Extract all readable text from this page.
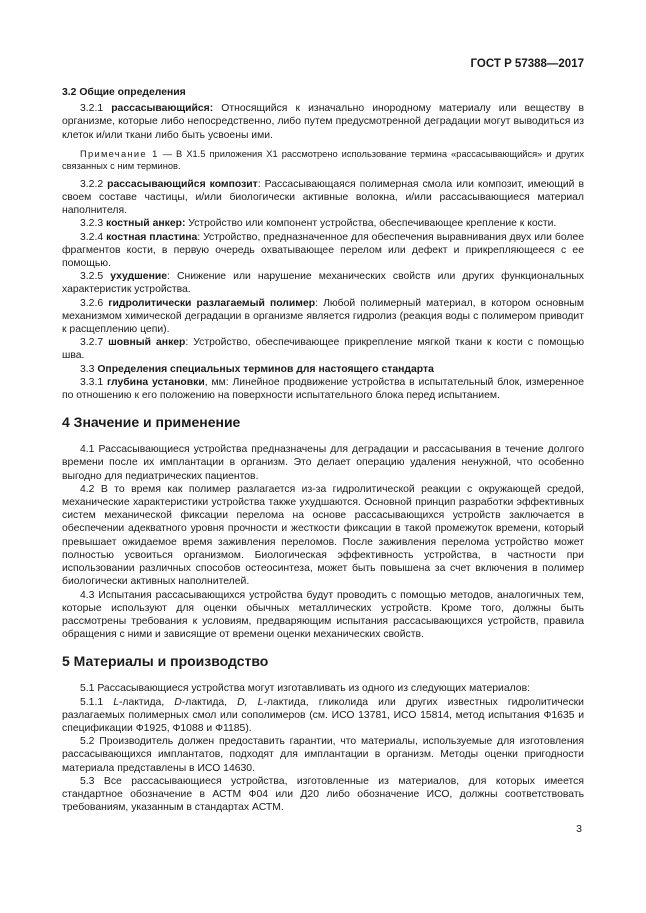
ГОСТ Р 57388—2017

3.2 Общие определения

3.2.1 рассасывающийся: Относящийся к изначально инородному материалу или веществу в организме, которые либо непосредственно, либо путем предусмотренной деградации могут выводиться из клеток и/или ткани либо быть усвоены ими.

Примечание 1 — В X1.5 приложения X1 рассмотрено использование термина «рассасывающийся» и других связанных с ним терминов.

3.2.2 рассасывающийся композит: Рассасывающаяся полимерная смола или композит, имеющий в своем составе частицы, и/или биологически активные волокна, и/или рассасывающиеся материал наполнителя.

3.2.3 костный анкер: Устройство или компонент устройства, обеспечивающее крепление к кости.

3.2.4 костная пластина: Устройство, предназначенное для обеспечения выравнивания двух или более фрагментов кости, в первую очередь охватывающее перелом или дефект и прикрепляющееся с ее помощью.

3.2.5 ухудшение: Снижение или нарушение механических свойств или других функциональных характеристик устройства.

3.2.6 гидролитически разлагаемый полимер: Любой полимерный материал, в котором основным механизмом химической деградации в организме является гидролиз (реакция воды с полимером приводит к расщеплению цепи).

3.2.7 шовный анкер: Устройство, обеспечивающее прикрепление мягкой ткани к кости с помощью шва.

3.3 Определения специальных терминов для настоящего стандарта

3.3.1 глубина установки, мм: Линейное продвижение устройства в испытательный блок, измеренное по отношению к его положению на поверхности испытательного блока перед испытанием.

4 Значение и применение

4.1 Рассасывающиеся устройства предназначены для деградации и рассасывания в течение долгого времени после их имплантации в организм. Это делает операцию удаления ненужной, что особенно выгодно для педиатрических пациентов.

4.2 В то время как полимер разлагается из-за гидролитической реакции с окружающей средой, механические характеристики устройства также ухудшаются. Основной принцип разработки эффективных систем механической фиксации перелома на основе рассасывающихся устройств заключается в обеспечении адекватного уровня прочности и жесткости фиксации в такой промежуток времени, который превышает ожидаемое время заживления переломов. После заживления перелома устройство может полностью усвоиться организмом. Биологическая эффективность устройства, в частности при использовании различных способов остеосинтеза, может быть повышена за счет включения в полимер биологически активных наполнителей.

4.3 Испытания рассасывающихся устройства будут проводить с помощью методов, аналогичных тем, которые используют для оценки обычных металлических устройств. Кроме того, должны быть рассмотрены требования к условиям, предваряющим испытания рассасывающихся устройств, правила обращения с ними и зависящие от времени оценки механических свойств.

5 Материалы и производство

5.1 Рассасывающиеся устройства могут изготавливать из одного из следующих материалов:

5.1.1 L-лактида, D-лактида, D, L-лактида, гликолида или других известных гидролитически разлагаемых полимерных смол или сополимеров (см. ИСО 13781, ИСО 15814, метод испытания Ф1635 и спецификации Ф1925, Ф1088 и Ф1185).

5.2 Производитель должен предоставить гарантии, что материалы, используемые для изготовления рассасывающихся имплантатов, подходят для имплантации в организм. Методы оценки пригодности материала представлены в ИСО 14630.

5.3 Все рассасывающиеся устройства, изготовленные из материалов, для которых имеется стандартное обозначение в АСТМ Ф04 или Д20 либо обозначение ИСО, должны соответствовать требованиям, указанным в стандартах АСТМ.

3
